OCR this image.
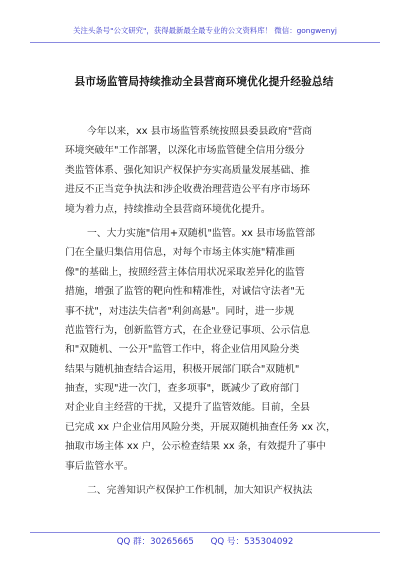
关注头条号"公文研究"，获得最新最全最专业的公文资料库！ 微信：gongwenyj
县市场监管局持续推动全县营商环境优化提升经验总结
今年以来，xx 县市场监管系统按照县委县政府"营商
环境突破年"工作部署，以深化市场监管健全信用分级分
类监管体系、强化知识产权保护夯实高质量发展基础、推
进反不正当竞争执法和涉企收费治理营造公平有序市场环
境为着力点，持续推动全县营商环境优化提升。
一、大力实施"信用+双随机"监管。xx 县市场监管部
门在全量归集信用信息，对每个市场主体实施"精准画
像"的基础上，按照经营主体信用状况采取差异化的监管
措施，增强了监管的靶向性和精准性，对诚信守法者"无
事不扰"，对违法失信者"利剑高悬"。同时，进一步规
范监管行为，创新监管方式，在企业登记事项、公示信息
和"双随机、一公开"监管工作中，将企业信用风险分类
结果与随机抽查结合运用，积极开展部门联合"双随机"
抽查，实现"进一次门，查多项事"，既减少了政府部门
对企业自主经营的干扰，又提升了监管效能。目前，全县
已完成 xx 户企业信用风险分类，开展双随机抽查任务 xx 次，
抽取市场主体 xx 户，公示检查结果 xx 条，有效提升了事中
事后监管水平。
二、完善知识产权保护工作机制，加大知识产权执法
QQ 群：30265665 QQ 号：535304092
